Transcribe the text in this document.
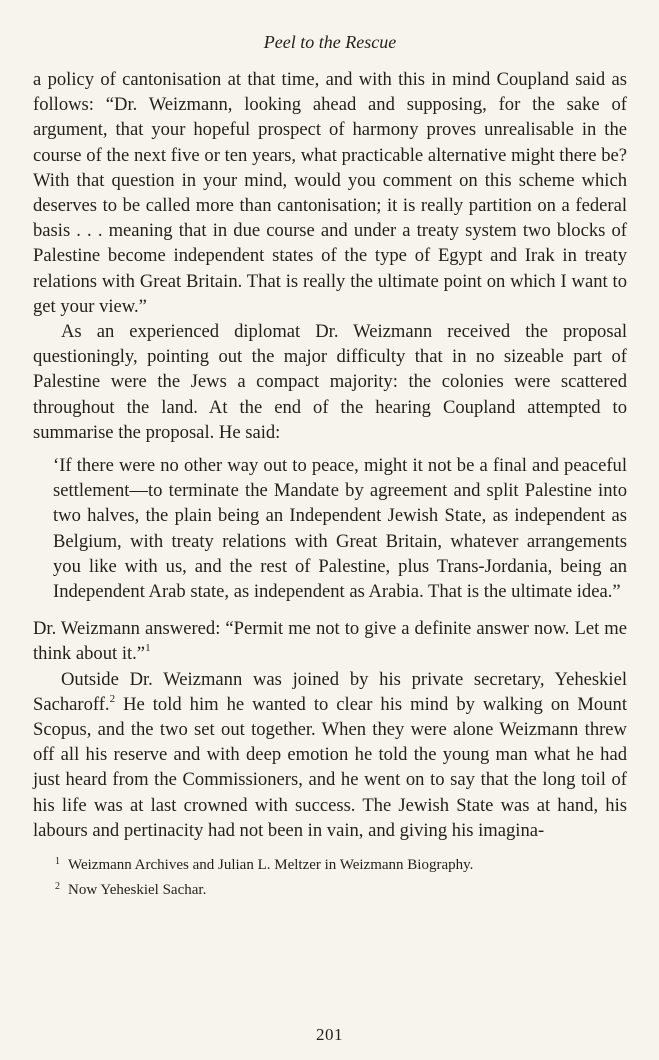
Peel to the Rescue

a policy of cantonisation at that time, and with this in mind Coupland said as follows: “Dr. Weizmann, looking ahead and supposing, for the sake of argument, that your hopeful prospect of harmony proves unrealisable in the course of the next five or ten years, what practicable alternative might there be? With that question in your mind, would you comment on this scheme which deserves to be called more than cantonisation; it is really partition on a federal basis . . . meaning that in due course and under a treaty system two blocks of Palestine become independent states of the type of Egypt and Irak in treaty relations with Great Britain. That is really the ultimate point on which I want to get your view.”

As an experienced diplomat Dr. Weizmann received the proposal questioningly, pointing out the major difficulty that in no sizeable part of Palestine were the Jews a compact majority: the colonies were scattered throughout the land. At the end of the hearing Coupland attempted to summarise the proposal. He said:

‘If there were no other way out to peace, might it not be a final and peaceful settlement—to terminate the Mandate by agreement and split Palestine into two halves, the plain being an Independent Jewish State, as independent as Belgium, with treaty relations with Great Britain, whatever arrangements you like with us, and the rest of Palestine, plus Trans-Jordania, being an Independent Arab state, as independent as Arabia. That is the ultimate idea.”

Dr. Weizmann answered: “Permit me not to give a definite answer now. Let me think about it.”$^1$

Outside Dr. Weizmann was joined by his private secretary, Yeheskiel Sacharoff.$^2$ He told him he wanted to clear his mind by walking on Mount Scopus, and the two set out together. When they were alone Weizmann threw off all his reserve and with deep emotion he told the young man what he had just heard from the Commissioners, and he went on to say that the long toil of his life was at last crowned with success. The Jewish State was at hand, his labours and pertinacity had not been in vain, and giving his imagina-

$^1$ Weizmann Archives and Julian L. Meltzer in Weizmann Biography.

$^2$ Now Yeheskiel Sachar.

201
